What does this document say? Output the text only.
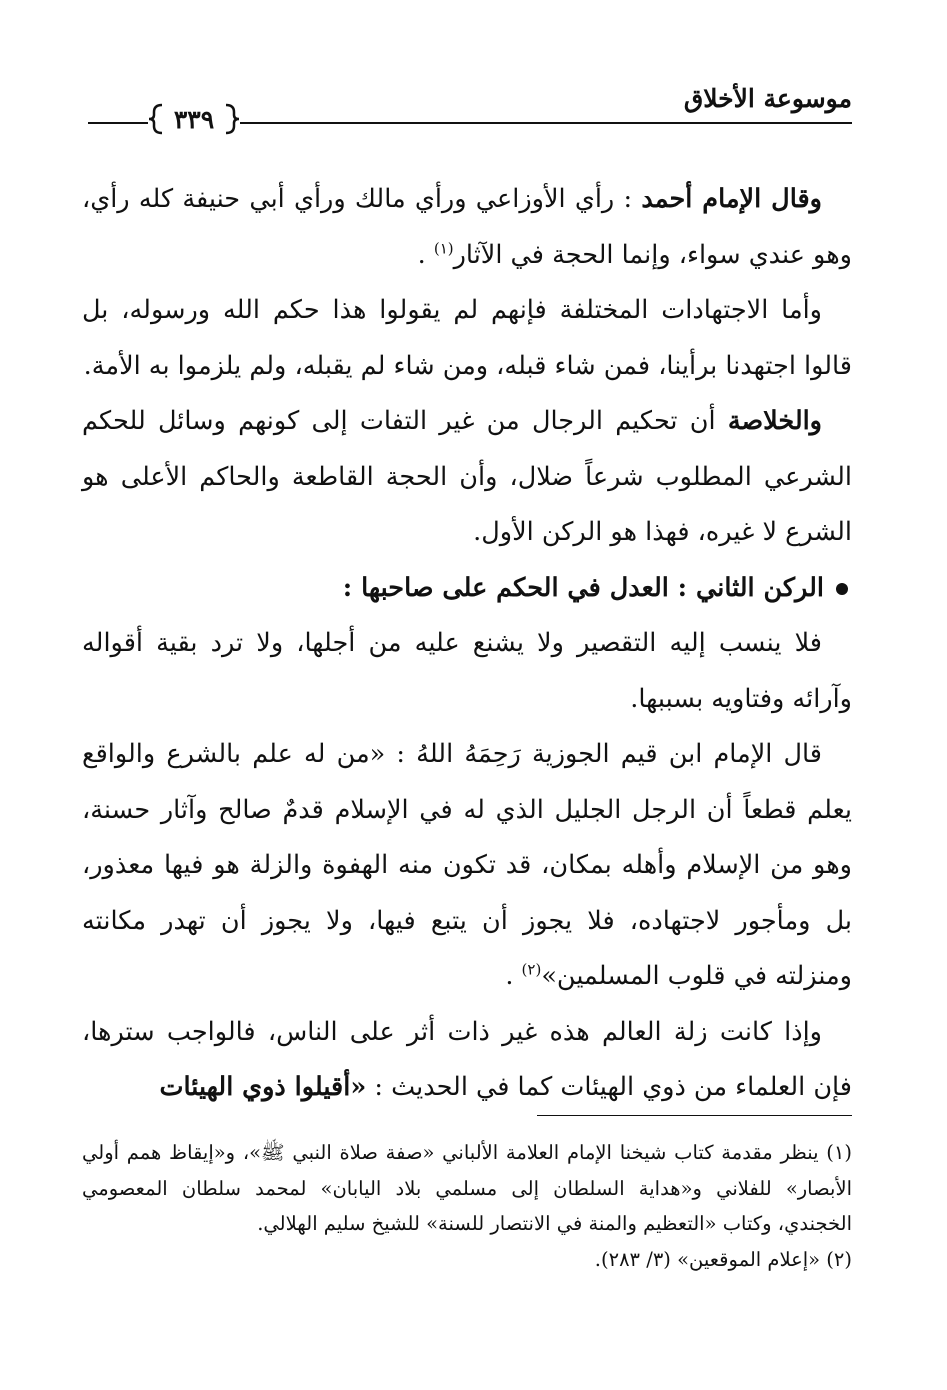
موسوعة الأخلاق
٣٣٩

وقال الإمام أحمد : رأي الأوزاعي ورأي مالك ورأي أبي حنيفة كله رأي، وهو عندي سواء، وإنما الحجة في الآثار$^{(١)}$ .

وأما الاجتهادات المختلفة فإنهم لم يقولوا هذا حكم الله ورسوله، بل قالوا اجتهدنا برأينا، فمن شاء قبله، ومن شاء لم يقبله، ولم يلزموا به الأمة.

والخلاصة أن تحكيم الرجال من غير التفات إلى كونهم وسائل للحكم الشرعي المطلوب شرعاً ضلال، وأن الحجة القاطعة والحاكم الأعلى هو الشرع لا غيره، فهذا هو الركن الأول.

الركن الثاني : العدل في الحكم على صاحبها :

فلا ينسب إليه التقصير ولا يشنع عليه من أجلها، ولا ترد بقية أقواله وآرائه وفتاويه بسببها.

قال الإمام ابن قيم الجوزية رَحِمَهُ اللهُ : «من له علم بالشرع والواقع يعلم قطعاً أن الرجل الجليل الذي له في الإسلام قدمٌ صالح وآثار حسنة، وهو من الإسلام وأهله بمكان، قد تكون منه الهفوة والزلة هو فيها معذور، بل ومأجور لاجتهاده، فلا يجوز أن يتبع فيها، ولا يجوز أن تهدر مكانته ومنزلته في قلوب المسلمين»$^{(٢)}$ .

وإذا كانت زلة العالم هذه غير ذات أثر على الناس، فالواجب سترها، فإن العلماء من ذوي الهيئات كما في الحديث : «أقيلوا ذوي الهيئات

(١) ينظر مقدمة كتاب شيخنا الإمام العلامة الألباني «صفة صلاة النبي ﷺ»، و«إيقاظ همم أولي الأبصار» للفلاني و«هداية السلطان إلى مسلمي بلاد اليابان» لمحمد سلطان المعصومي الخجندي، وكتاب «التعظيم والمنة في الانتصار للسنة» للشيخ سليم الهلالي.

(٢) «إعلام الموقعين» (٣/ ٢٨٣).
